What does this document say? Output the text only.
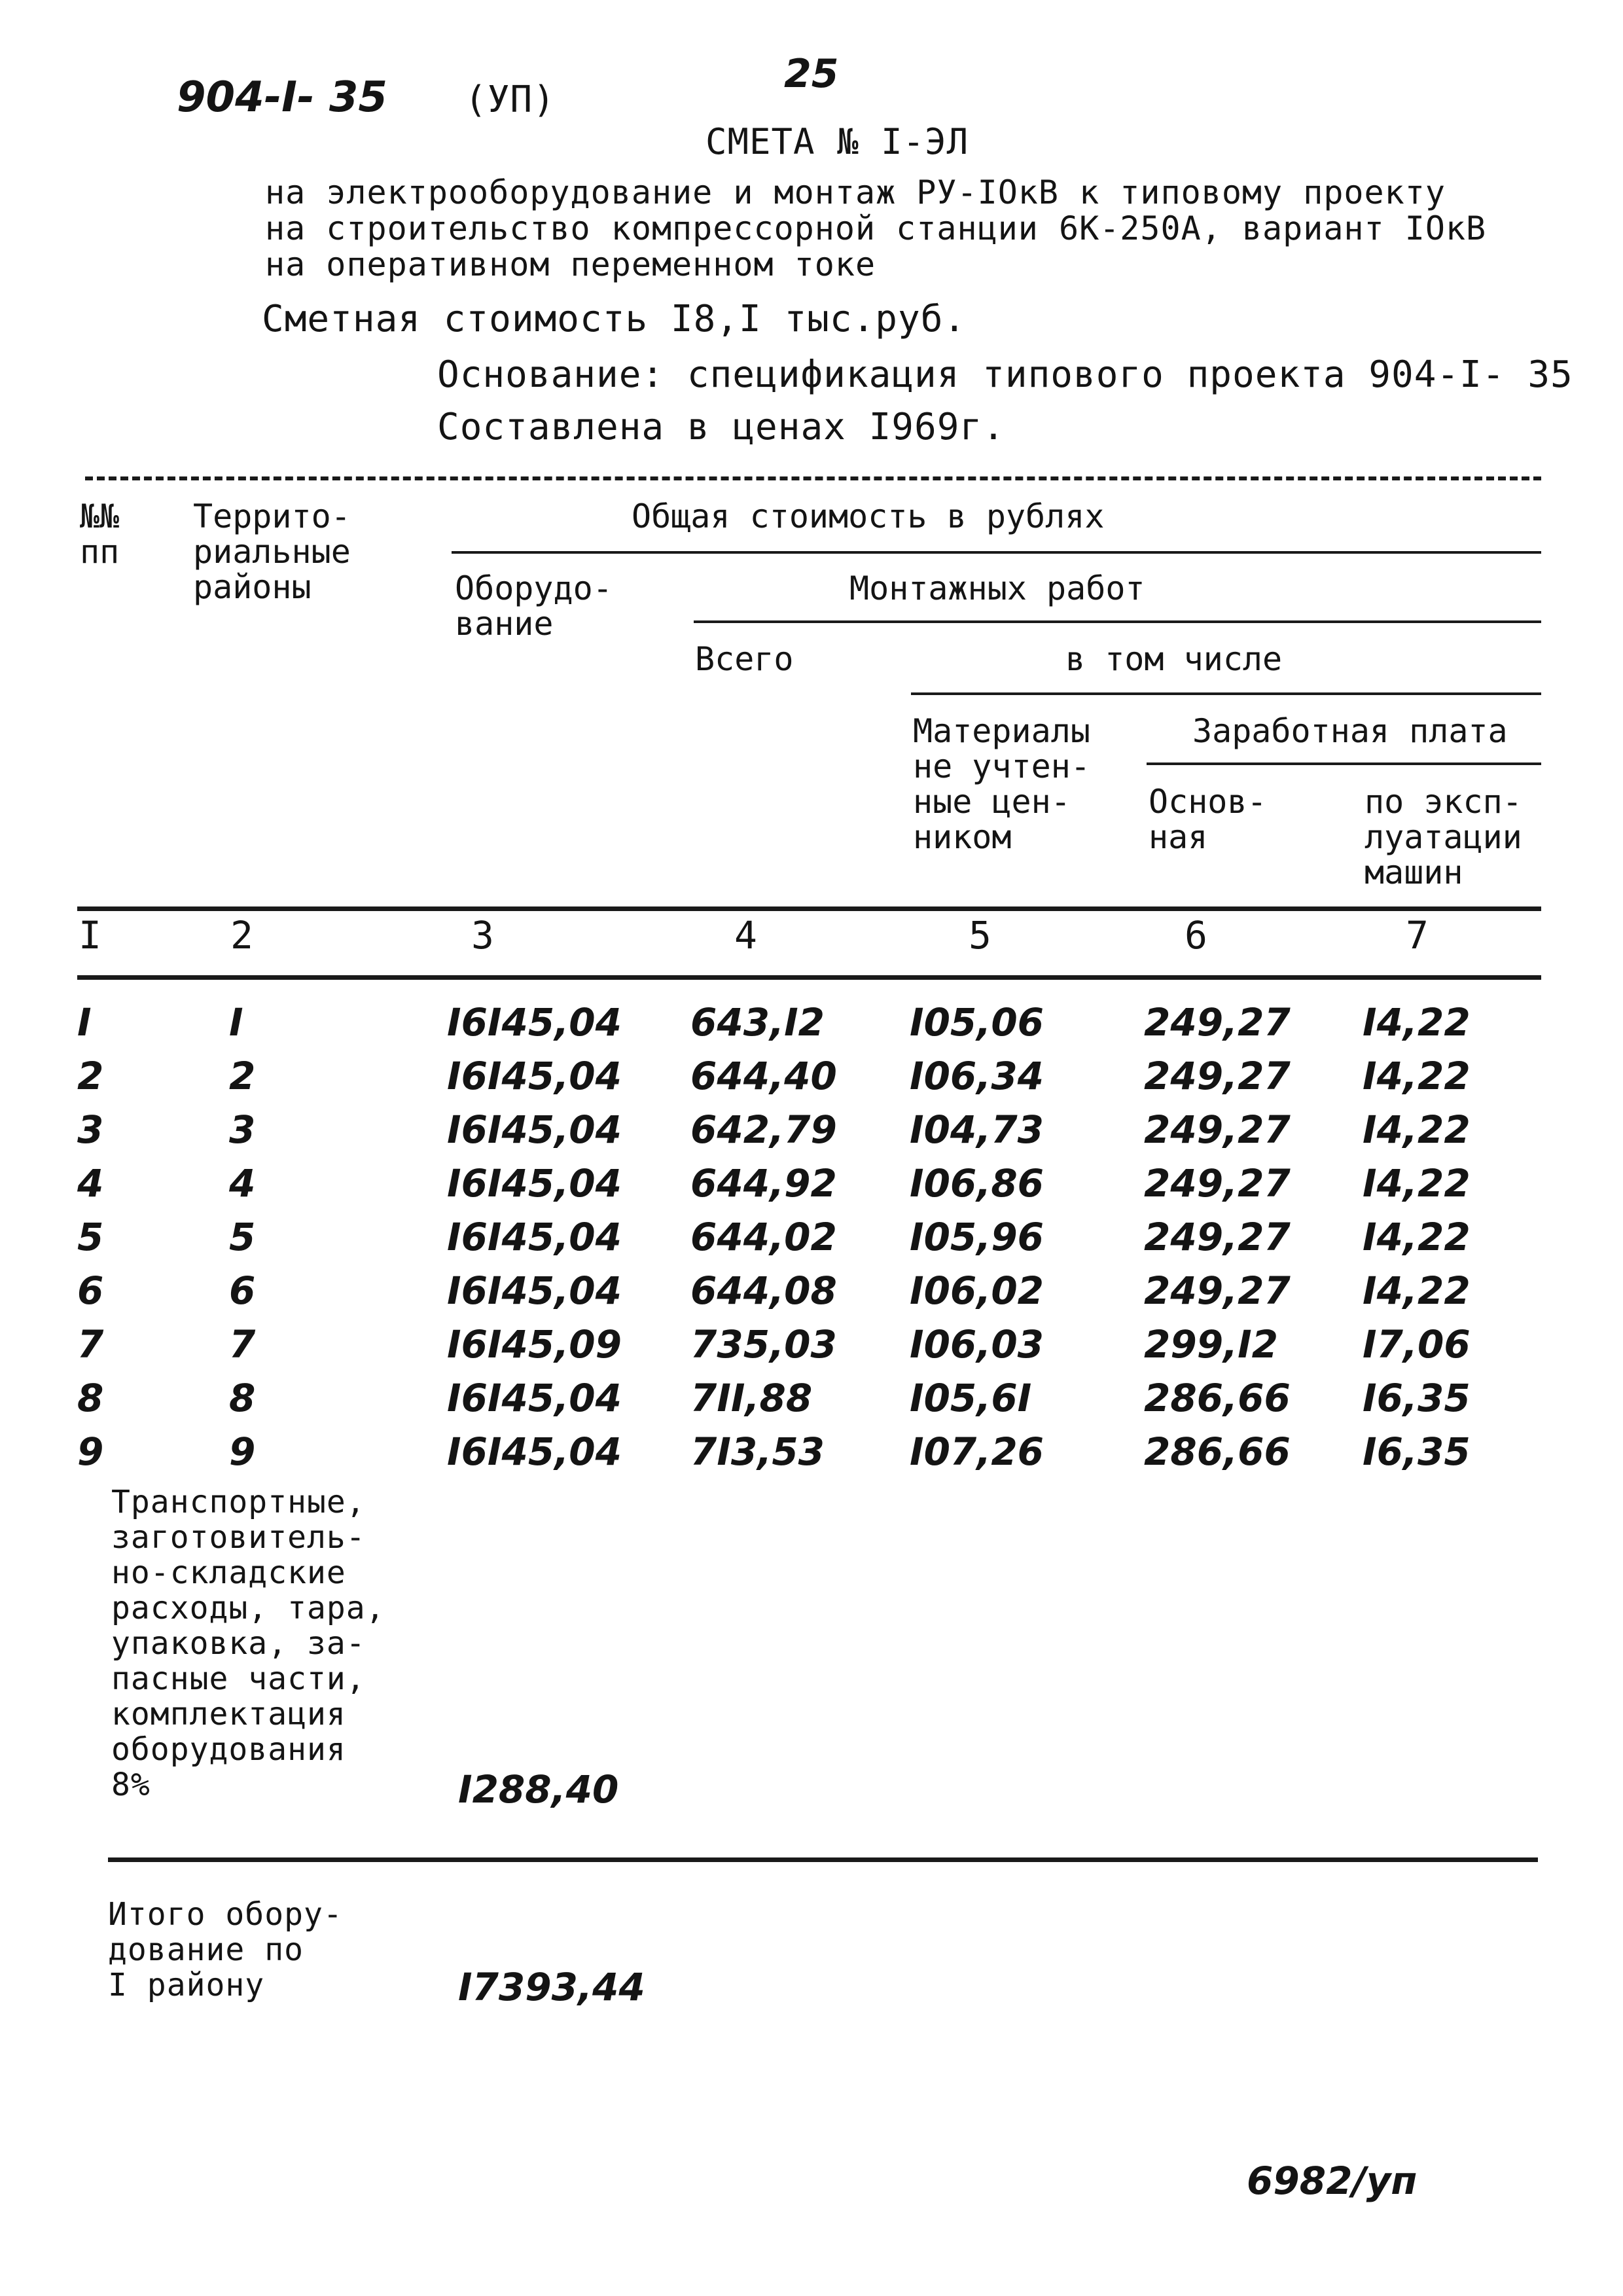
904-I- 35 (УП)
25
СМЕТА № I-ЭЛ
на электрооборудование и монтаж РУ-IОкВ к типовому проекту
на строительство компрессорной станции 6К-250А, вариант IОкВ
на оперативном переменном токе
Сметная стоимость I8,I тыс.руб.
Основание: спецификация типового проекта 904-I- 35
Составлена в ценах I969г.
№№
пп
Террито-
риальные
районы
Общая стоимость в рублях
Оборудо-
вание
Монтажных работ
Всего	в том числе
Материалы
не учтен-
ные цен-
ником
Заработная плата
Основ-
ная
по эксп-
луатации
машин
I	2	3	4	5	6	7
I	I	I6I45,04 643,I2 I05,06	249,27 I4,22
2	2	I6I45,04 644,40 I06,34	249,27 I4,22
3	3	I6I45,04 642,79 I04,73	249,27 I4,22
4	4	I6I45,04 644,92 I06,86	249,27 I4,22
5	5	I6I45,04 644,02 I05,96	249,27 I4,22
6	6	I6I45,04 644,08 I06,02	249,27 I4,22
7	7	I6I45,09 735,03 I06,03	299,I2 I7,06
8	8	I6I45,04 7II,88	I05,6I	286,66 I6,35
9	9	I6I45,04 7I3,53 I07,26	286,66 I6,35
Транспортные,
заготовитель-
но-складские
расходы, тара,
упаковка, за-
пасные части,
комплектация
оборудования
8%	I288,40
Итого обору-
дование по
I району	I7393,44
6982/уп
